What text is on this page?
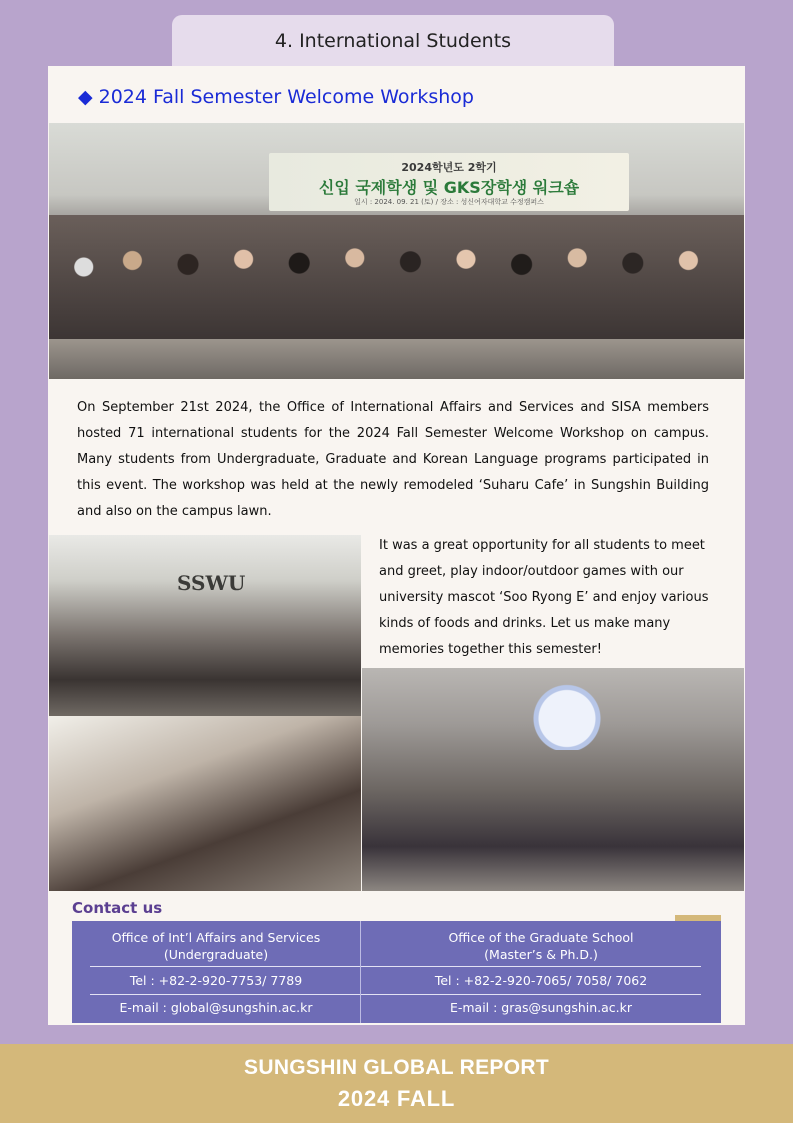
4. International Students
◆ 2024 Fall Semester Welcome Workshop
2024학년도 2학기
신입 국제학생 및 GKS장학생 워크숍
일시 : 2024. 09. 21 (토) / 장소 : 성신여자대학교 수정캠퍼스

On September 21st 2024, the Office of International Affairs and Services and SISA members hosted 71 international students for the 2024 Fall Semester Welcome Workshop on campus. Many students from Undergraduate, Graduate and Korean Language programs participated in this event. The workshop was held at the newly remodeled ‘Suharu Cafe’ in Sungshin Building and also on the campus lawn.

SSWU

It was a great opportunity for all students to meet and greet, play indoor/outdoor games with our university mascot ‘Soo Ryong E’ and enjoy various kinds of foods and drinks. Let us make many memories together this semester!

Contact us
Office of Int’l Affairs and Services
(Undergraduate)
Tel : +82-2-920-7753/ 7789
E-mail : global@sungshin.ac.kr
Office of the Graduate School
(Master’s & Ph.D.)
Tel : +82-2-920-7065/ 7058/ 7062
E-mail : gras@sungshin.ac.kr
SUNGSHIN GLOBAL REPORT
2024 FALL
